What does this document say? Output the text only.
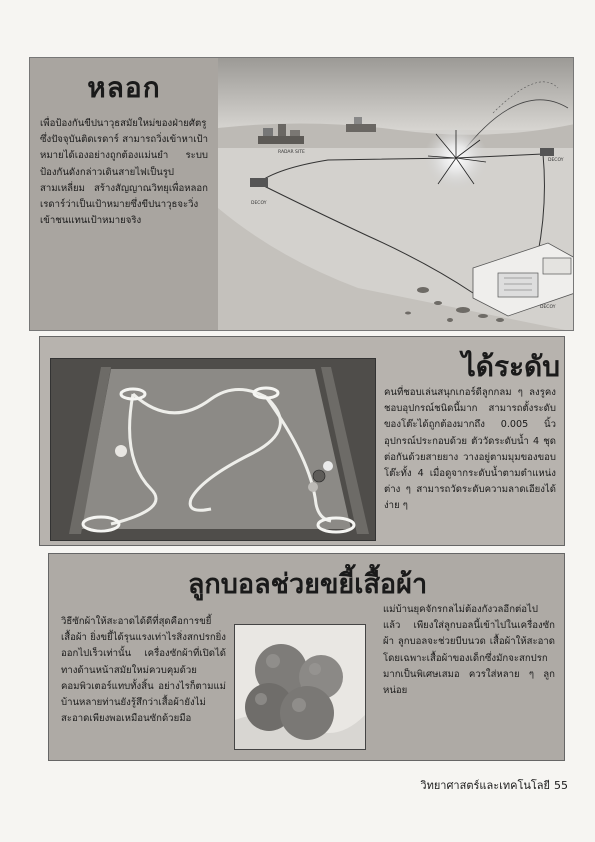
หลอก
เพื่อป้องกันขีปนาวุธสมัยใหม่ของฝ่ายศัตรูซึ่งปัจจุบันติดเรดาร์ สามารถวิ่งเข้าหาเป้าหมายได้เองอย่างถูกต้องแม่นยำ ระบบป้องกันดังกล่าวเดินสายไฟเป็นรูปสามเหลี่ยม สร้างสัญญาณวิทยุเพื่อหลอกเรดาร์ว่าเป็นเป้าหมายซึ่งขีปนาวุธจะวิ่งเข้าชนแทนเป้าหมายจริง
RADAR SITE
DECOY
DECOY
DECOY
ได้ระดับ
คนที่ชอบเล่นสนุกเกอร์ดีลูกกลม ๆ ลงรูคงชอบอุปกรณ์ชนิดนี้มาก สามารถตั้งระดับของโต๊ะได้ถูกต้องมากถึง 0.005 นิ้ว อุปกรณ์ประกอบด้วย ตัววัดระดับน้ำ 4 ชุดต่อกันด้วยสายยาง วางอยู่ตามมุมของขอบโต๊ะทั้ง 4 เมื่อดูจากระดับน้ำตามตำแหน่งต่าง ๆ สามารถวัดระดับความลาดเอียงได้ง่าย ๆ
ลูกบอลช่วยขยี้เสื้อผ้า
วิธีซักผ้าให้สะอาดได้ดีที่สุดคือการขยี้เสื้อผ้า ยิ่งขยี้ได้รุนแรงเท่าไรสิ่งสกปรกยิ่งออกไปเร็วเท่านั้น เครื่องซักผ้าที่เปิดได้ทางด้านหน้าสมัยใหม่ควบคุมด้วยคอมพิวเตอร์แทบทั้งสิ้น อย่างไรก็ตามแม่บ้านหลายท่านยังรู้สึกว่าเสื้อผ้ายังไม่สะอาดเพียงพอเหมือนซักด้วยมือ
แม่บ้านยุคจักรกลไม่ต้องกังวลอีกต่อไปแล้ว เพียงใส่ลูกบอลนี้เข้าไปในเครื่องซักผ้า ลูกบอลจะช่วยบีบนวด เสื้อผ้าให้สะอาด โดยเฉพาะเสื้อผ้าของเด็กซึ่งมักจะสกปรกมากเป็นพิเศษเสมอ ควรใส่หลาย ๆ ลูกหน่อย
วิทยาศาสตร์และเทคโนโลยี 55
